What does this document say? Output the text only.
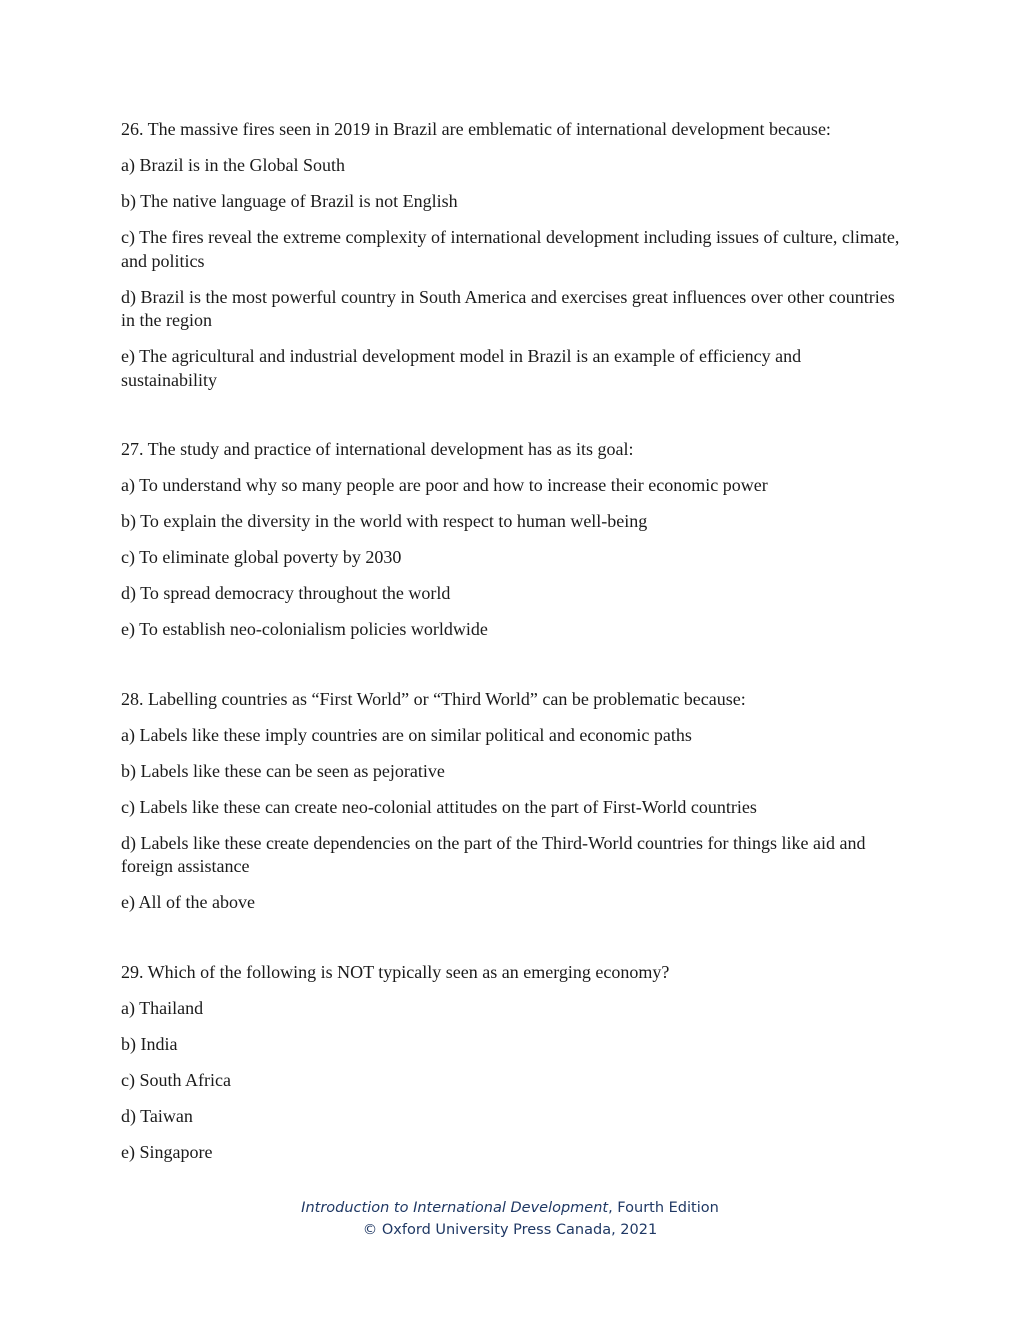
26. The massive fires seen in 2019 in Brazil are emblematic of international development because:

a) Brazil is in the Global South

b) The native language of Brazil is not English

c) The fires reveal the extreme complexity of international development including issues of culture, climate, and politics

d) Brazil is the most powerful country in South America and exercises great influences over other countries in the region

e) The agricultural and industrial development model in Brazil is an example of efficiency and sustainability

27. The study and practice of international development has as its goal:

a) To understand why so many people are poor and how to increase their economic power

b) To explain the diversity in the world with respect to human well-being

c) To eliminate global poverty by 2030

d) To spread democracy throughout the world

e) To establish neo-colonialism policies worldwide

28. Labelling countries as “First World” or “Third World” can be problematic because:

a) Labels like these imply countries are on similar political and economic paths

b) Labels like these can be seen as pejorative

c) Labels like these can create neo-colonial attitudes on the part of First-World countries

d) Labels like these create dependencies on the part of the Third-World countries for things like aid and foreign assistance

e) All of the above

29. Which of the following is NOT typically seen as an emerging economy?

a) Thailand

b) India

c) South Africa

d) Taiwan

e) Singapore

Introduction to International Development, Fourth Edition
© Oxford University Press Canada, 2021
